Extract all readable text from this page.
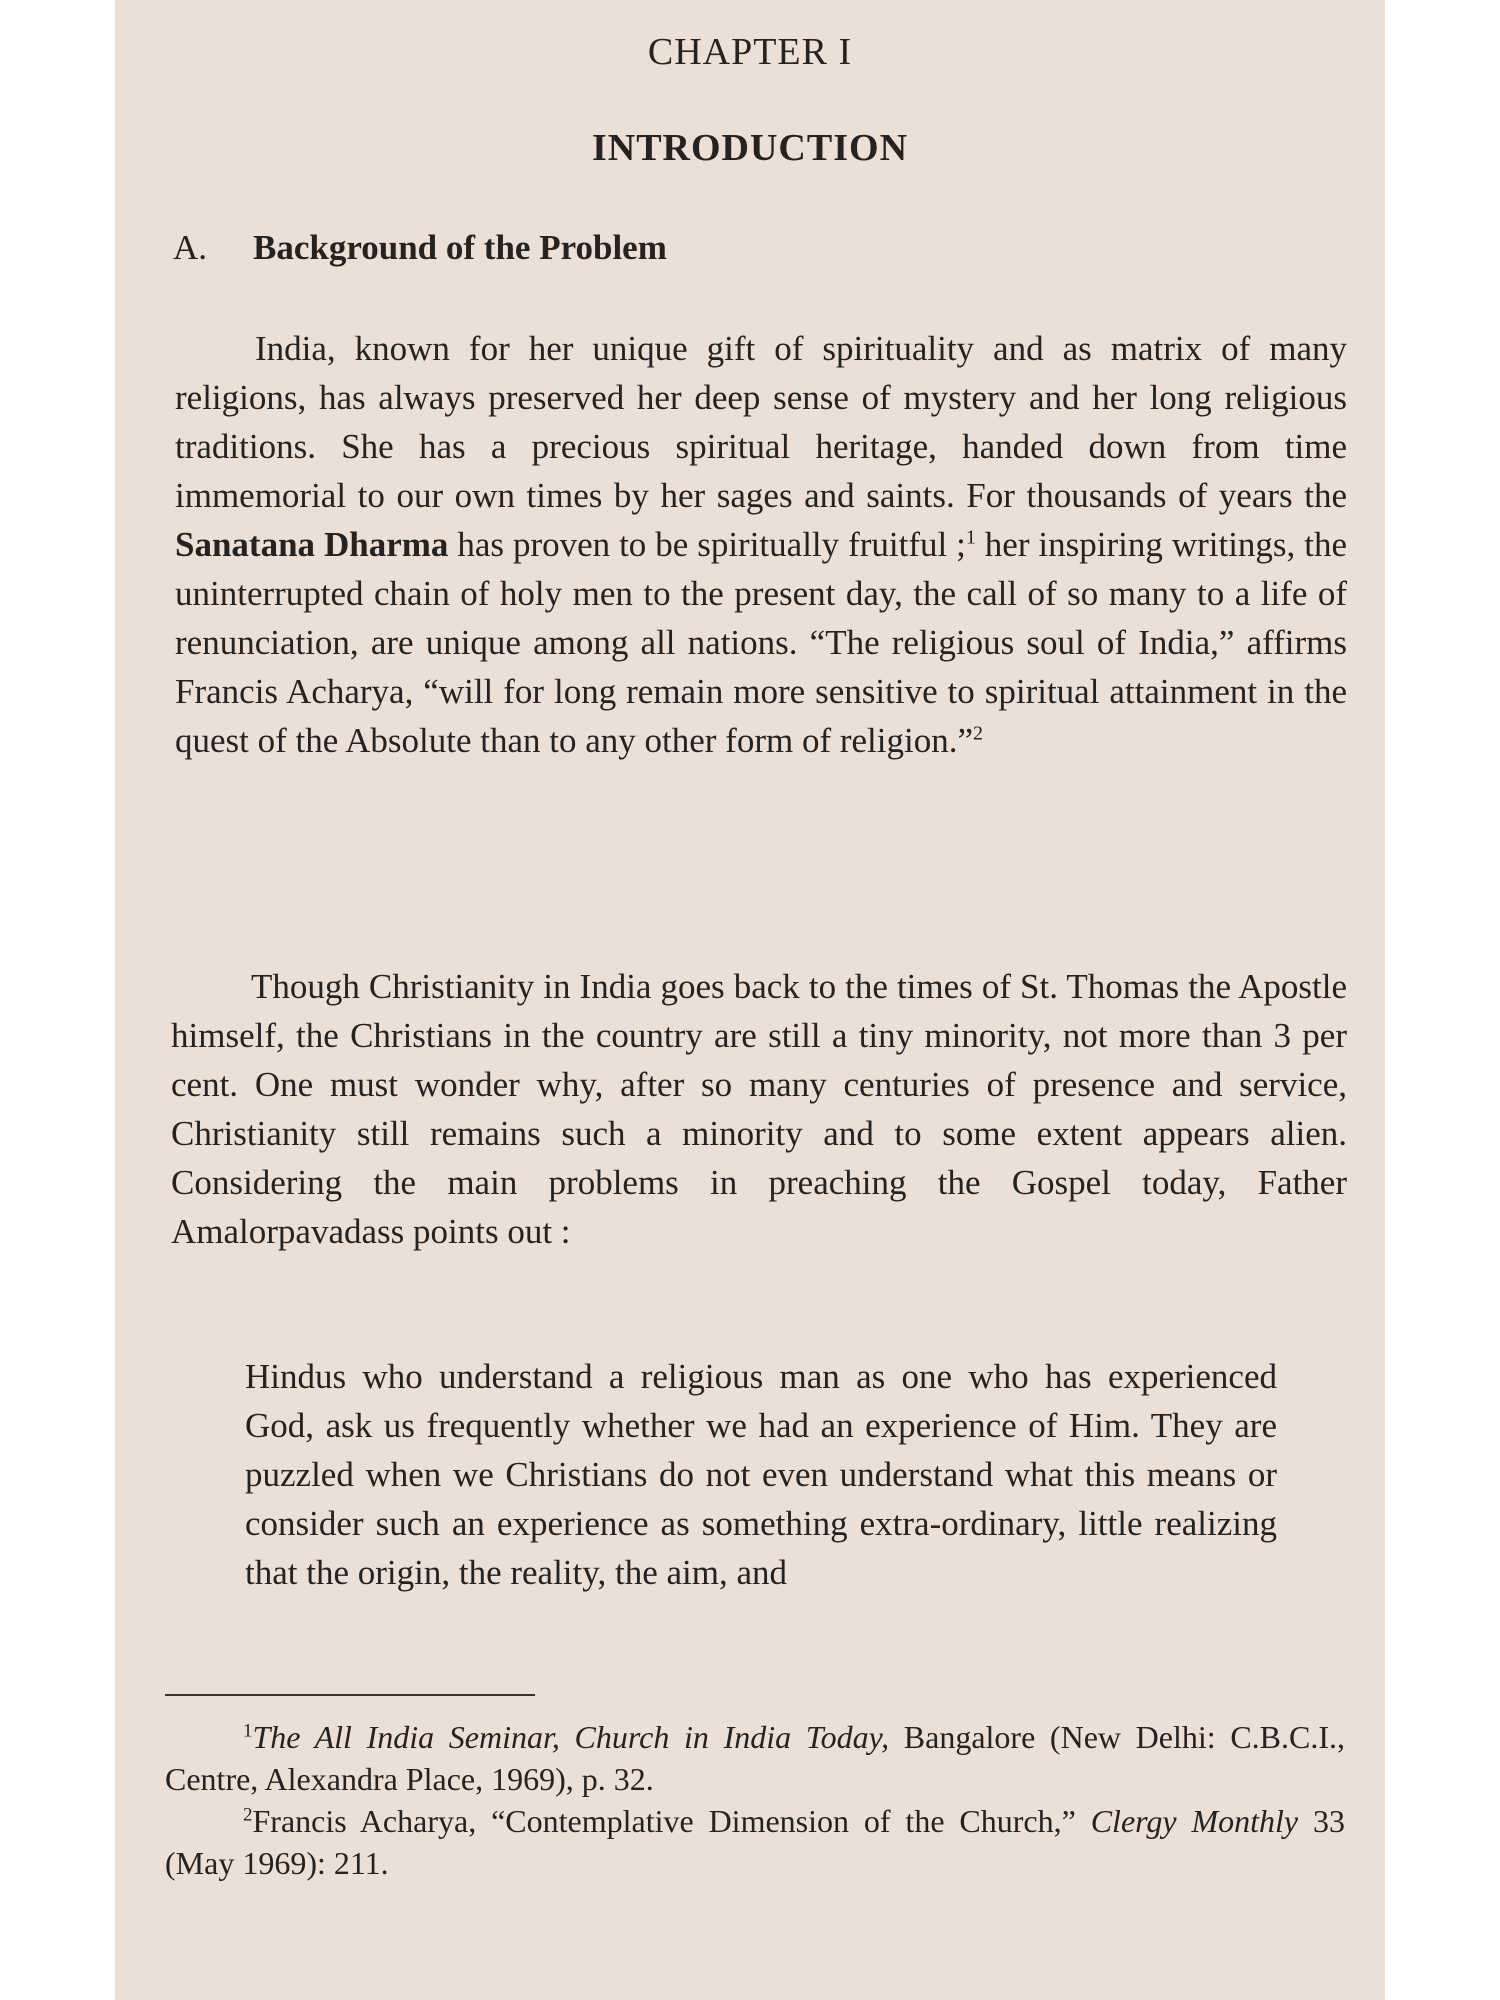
CHAPTER I
INTRODUCTION
A. Background of the Problem

India, known for her unique gift of spirituality and as matrix of many religions, has always preserved her deep sense of mystery and her long religious traditions. She has a precious spiritual heritage, handed down from time immemorial to our own times by her sages and saints. For thousands of years the Sanatana Dharma has proven to be spiritually fruitful ;$^1$ her inspiring writings, the uninterrupted chain of holy men to the present day, the call of so many to a life of renunciation, are unique among all nations. “The religious soul of India,” affirms Francis Acharya, “will for long remain more sensitive to spiritual attainment in the quest of the Absolute than to any other form of religion.”$^2$

Though Christianity in India goes back to the times of St. Thomas the Apostle himself, the Christians in the country are still a tiny minority, not more than 3 per cent. One must wonder why, after so many centuries of presence and service, Christianity still remains such a minority and to some extent appears alien. Considering the main problems in preaching the Gospel today, Father Amalorpavadass points out :

Hindus who understand a religious man as one who has experienced God, ask us frequently whether we had an experience of Him. They are puzzled when we Christians do not even understand what this means or consider such an experience as something extra-ordinary, little realizing that the origin, the reality, the aim, and

$^1$The All India Seminar, Church in India Today, Bangalore (New Delhi: C.B.C.I., Centre, Alexandra Place, 1969), p. 32.

$^2$Francis Acharya, “Contemplative Dimension of the Church,” Clergy Monthly 33 (May 1969): 211.
